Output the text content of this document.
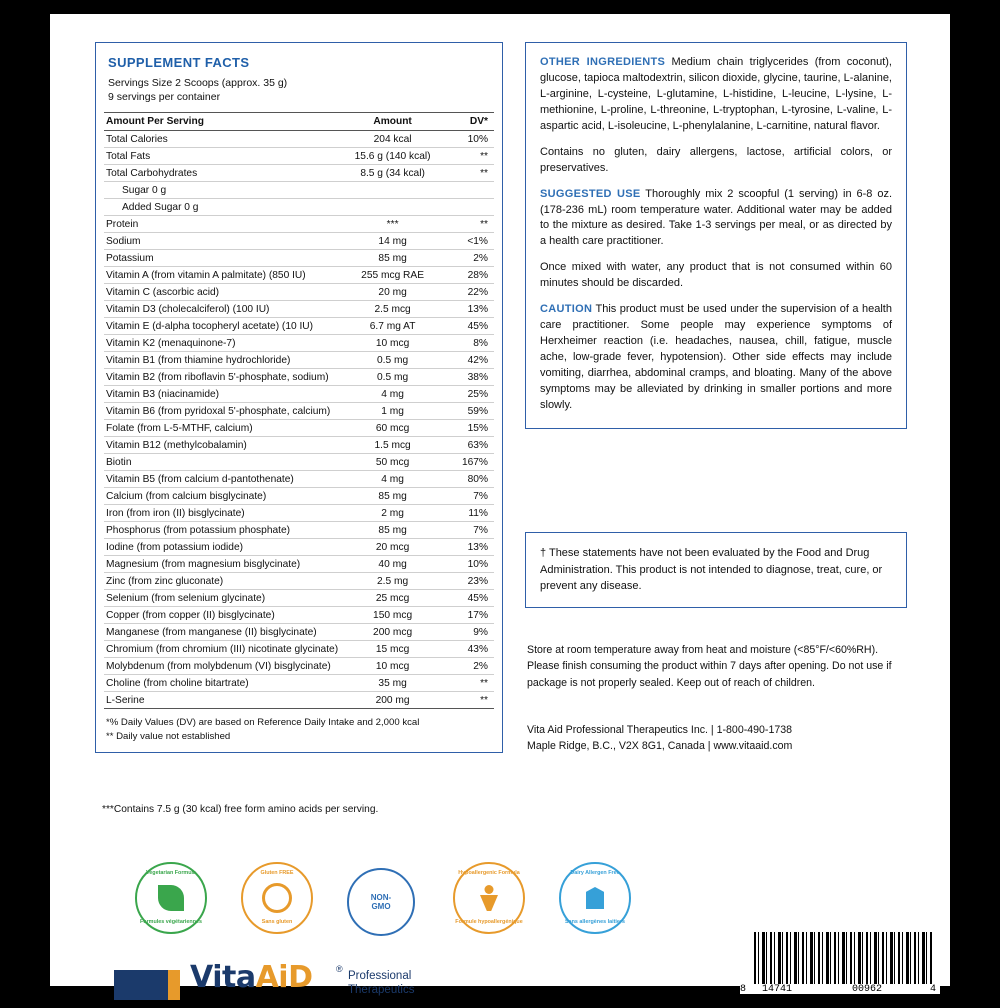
SUPPLEMENT FACTS
Servings Size 2 Scoops (approx. 35 g)
9 servings per container
Amount Per Serving	Amount	DV*
Total Calories	204 kcal	10%
Total Fats	15.6 g (140 kcal)	**
Total Carbohydrates	8.5 g (34 kcal)	**
Sugar 0 g		
Added Sugar 0 g		
Protein	***	**
Sodium	14 mg	<1%
Potassium	85 mg	2%
Vitamin A (from vitamin A palmitate) (850 IU)	255 mcg RAE	28%
Vitamin C (ascorbic acid)	20 mg	22%
Vitamin D3 (cholecalciferol) (100 IU)	2.5 mcg	13%
Vitamin E (d-alpha tocopheryl acetate) (10 IU)	6.7 mg AT	45%
Vitamin K2 (menaquinone-7)	10 mcg	8%
Vitamin B1 (from thiamine hydrochloride)	0.5 mg	42%
Vitamin B2 (from riboflavin 5'-phosphate, sodium)	0.5 mg	38%
Vitamin B3 (niacinamide)	4 mg	25%
Vitamin B6 (from pyridoxal 5'-phosphate, calcium)	1 mg	59%
Folate (from L-5-MTHF, calcium)	60 mcg	15%
Vitamin B12 (methylcobalamin)	1.5 mcg	63%
Biotin	50 mcg	167%
Vitamin B5 (from calcium d-pantothenate)	4 mg	80%
Calcium (from calcium bisglycinate)	85 mg	7%
Iron (from iron (II) bisglycinate)	2 mg	11%
Phosphorus (from potassium phosphate)	85 mg	7%
Iodine (from potassium iodide)	20 mcg	13%
Magnesium (from magnesium bisglycinate)	40 mg	10%
Zinc (from zinc gluconate)	2.5 mg	23%
Selenium (from selenium glycinate)	25 mcg	45%
Copper (from copper (II) bisglycinate)	150 mcg	17%
Manganese (from manganese (II) bisglycinate)	200 mcg	9%
Chromium (from chromium (III) nicotinate glycinate)	15 mcg	43%
Molybdenum (from molybdenum (VI) bisglycinate)	10 mcg	2%
Choline (from choline bitartrate)	35 mg	**
L-Serine	200 mg	**
*% Daily Values (DV) are based on Reference Daily Intake and 2,000 kcal
** Daily value not established
***Contains 7.5 g (30 kcal) free form amino acids per serving.

OTHER INGREDIENTS Medium chain triglycerides (from coconut), glucose, tapioca maltodextrin, silicon dioxide, glycine, taurine, L-alanine, L-arginine, L-cysteine, L-glutamine, L-histidine, L-leucine, L-lysine, L-methionine, L-proline, L-threonine, L-tryptophan, L-tyrosine, L-valine, L-aspartic acid, L-isoleucine, L-phenylalanine, L-carnitine, natural flavor.

Contains no gluten, dairy allergens, lactose, artificial colors, or preservatives.

SUGGESTED USE Thoroughly mix 2 scoopful (1 serving) in 6-8 oz. (178-236 mL) room temperature water. Additional water may be added to the mixture as desired. Take 1-3 servings per meal, or as directed by a health care practitioner.

Once mixed with water, any product that is not consumed within 60 minutes should be discarded.

CAUTION This product must be used under the supervision of a health care practitioner. Some people may experience symptoms of Herxheimer reaction (i.e. headaches, nausea, chill, fatigue, muscle ache, low-grade fever, hypotension). Other side effects may include vomiting, diarrhea, abdominal cramps, and bloating. Many of the above symptoms may be alleviated by drinking in smaller portions and more slowly.

† These statements have not been evaluated by the Food and Drug Administration. This product is not intended to diagnose, treat, cure, or prevent any disease.
Store at room temperature away from heat and moisture (<85°F/<60%RH). Please finish consuming the product within 7 days after opening. Do not use if package is not properly sealed. Keep out of reach of children.
Vita Aid Professional Therapeutics Inc. | 1-800-490-1738
Maple Ridge, B.C., V2X 8G1, Canada | www.vitaaid.com
Vegetarian Formula
Formules végétariennes
Gluten FREE
Sans gluten
NON-
GMO
Hypoallergenic Formula
Formule hypoallergénique
Dairy Allergen Free
Sans allergènes laitiers
VitaAiD	®
Professional
Therapeutics	8 14741	00962	4
